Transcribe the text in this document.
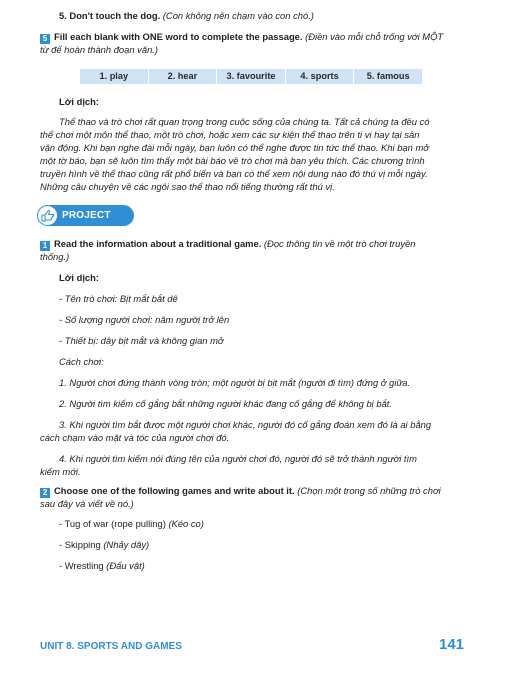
5. Don't touch the dog. (Con không nên chạm vào con chó.)

5 Fill each blank with ONE word to complete the passage. (Điền vào mỗi chỗ trống với MỘT

từ để hoàn thành đoạn văn.)

1. play	2. hear	3. favourite	4. sports	5. famous

Lời dịch:

Thể thao và trò chơi rất quan trọng trong cuộc sống của chúng ta. Tất cả chúng ta đều có

thể chơi một môn thể thao, một trò chơi, hoặc xem các sự kiện thể thao trên ti vi hay tại sân

vận động. Khi bạn nghe đài mỗi ngày, bạn luôn có thể nghe được tin tức thể thao. Khi bạn mở

một tờ báo, bạn sẽ luôn tìm thấy một bài báo về trò chơi mà bạn yêu thích. Các chương trình

truyền hình về thể thao cũng rất phổ biến và bạn có thể xem nội dung nào đó thú vị mỗi ngày.

Những câu chuyện về các ngôi sao thể thao nổi tiếng thường rất thú vị.

PROJECT

1 Read the information about a traditional game. (Đọc thông tin về một trò chơi truyền

thống.)

Lời dịch:

- Tên trò chơi: Bịt mắt bắt dê

- Số lượng người chơi: năm người trở lên

- Thiết bị: dây bịt mắt và không gian mở

Cách chơi:

1. Người chơi đứng thành vòng tròn; một người bị bịt mắt (người đi tìm) đứng ở giữa.

2. Người tìm kiếm cố gắng bắt những người khác đang cố gắng để không bị bắt.

3. Khi người tìm bắt được một người chơi khác, người đó cố gắng đoán xem đó là ai bằng

cách chạm vào mặt và tóc của người chơi đó.

4. Khi người tìm kiếm nói đúng tên của người chơi đó, người đó sẽ trở thành người tìm

kiếm mới.

2 Choose one of the following games and write about it. (Chọn một trong số những trò chơi

sau đây và viết về nó.)

- Tug of war (rope pulling) (Kéo co)

- Skipping (Nhảy dây)

- Wrestling (Đấu vật)

UNIT 8. SPORTS AND GAMES	141
